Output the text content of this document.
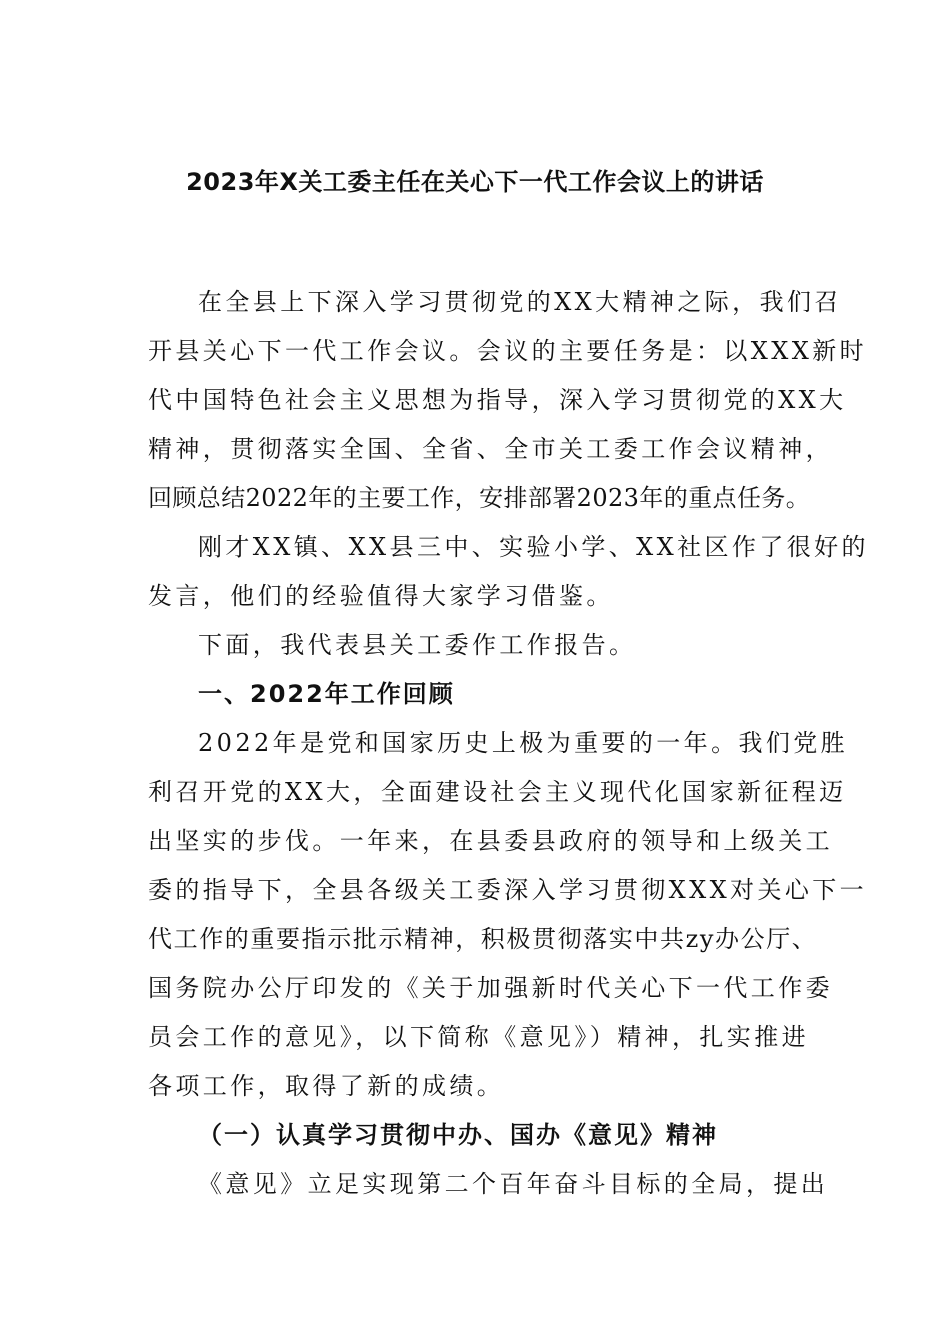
2023年X关工委主任在关心下一代工作会议上的讲话
在全县上下深入学习贯彻党的XX大精神之际，我们召
开县关心下一代工作会议。会议的主要任务是：以XXX新时
代中国特色社会主义思想为指导，深入学习贯彻党的XX大
精神，贯彻落实全国、全省、全市关工委工作会议精神，
回顾总结2022年的主要工作，安排部署2023年的重点任务。
刚才XX镇、XX县三中、实验小学、XX社区作了很好的
发言，他们的经验值得大家学习借鉴。
下面，我代表县关工委作工作报告。
一、2022年工作回顾
2022年是党和国家历史上极为重要的一年。我们党胜
利召开党的XX大，全面建设社会主义现代化国家新征程迈
出坚实的步伐。一年来，在县委县政府的领导和上级关工
委的指导下，全县各级关工委深入学习贯彻XXX对关心下一
代工作的重要指示批示精神，积极贯彻落实中共zy办公厅、
国务院办公厅印发的《关于加强新时代关心下一代工作委
员会工作的意见》，以下简称《意见》）精神，扎实推进
各项工作，取得了新的成绩。
（一）认真学习贯彻中办、国办《意见》精神
《意见》立足实现第二个百年奋斗目标的全局，提出
